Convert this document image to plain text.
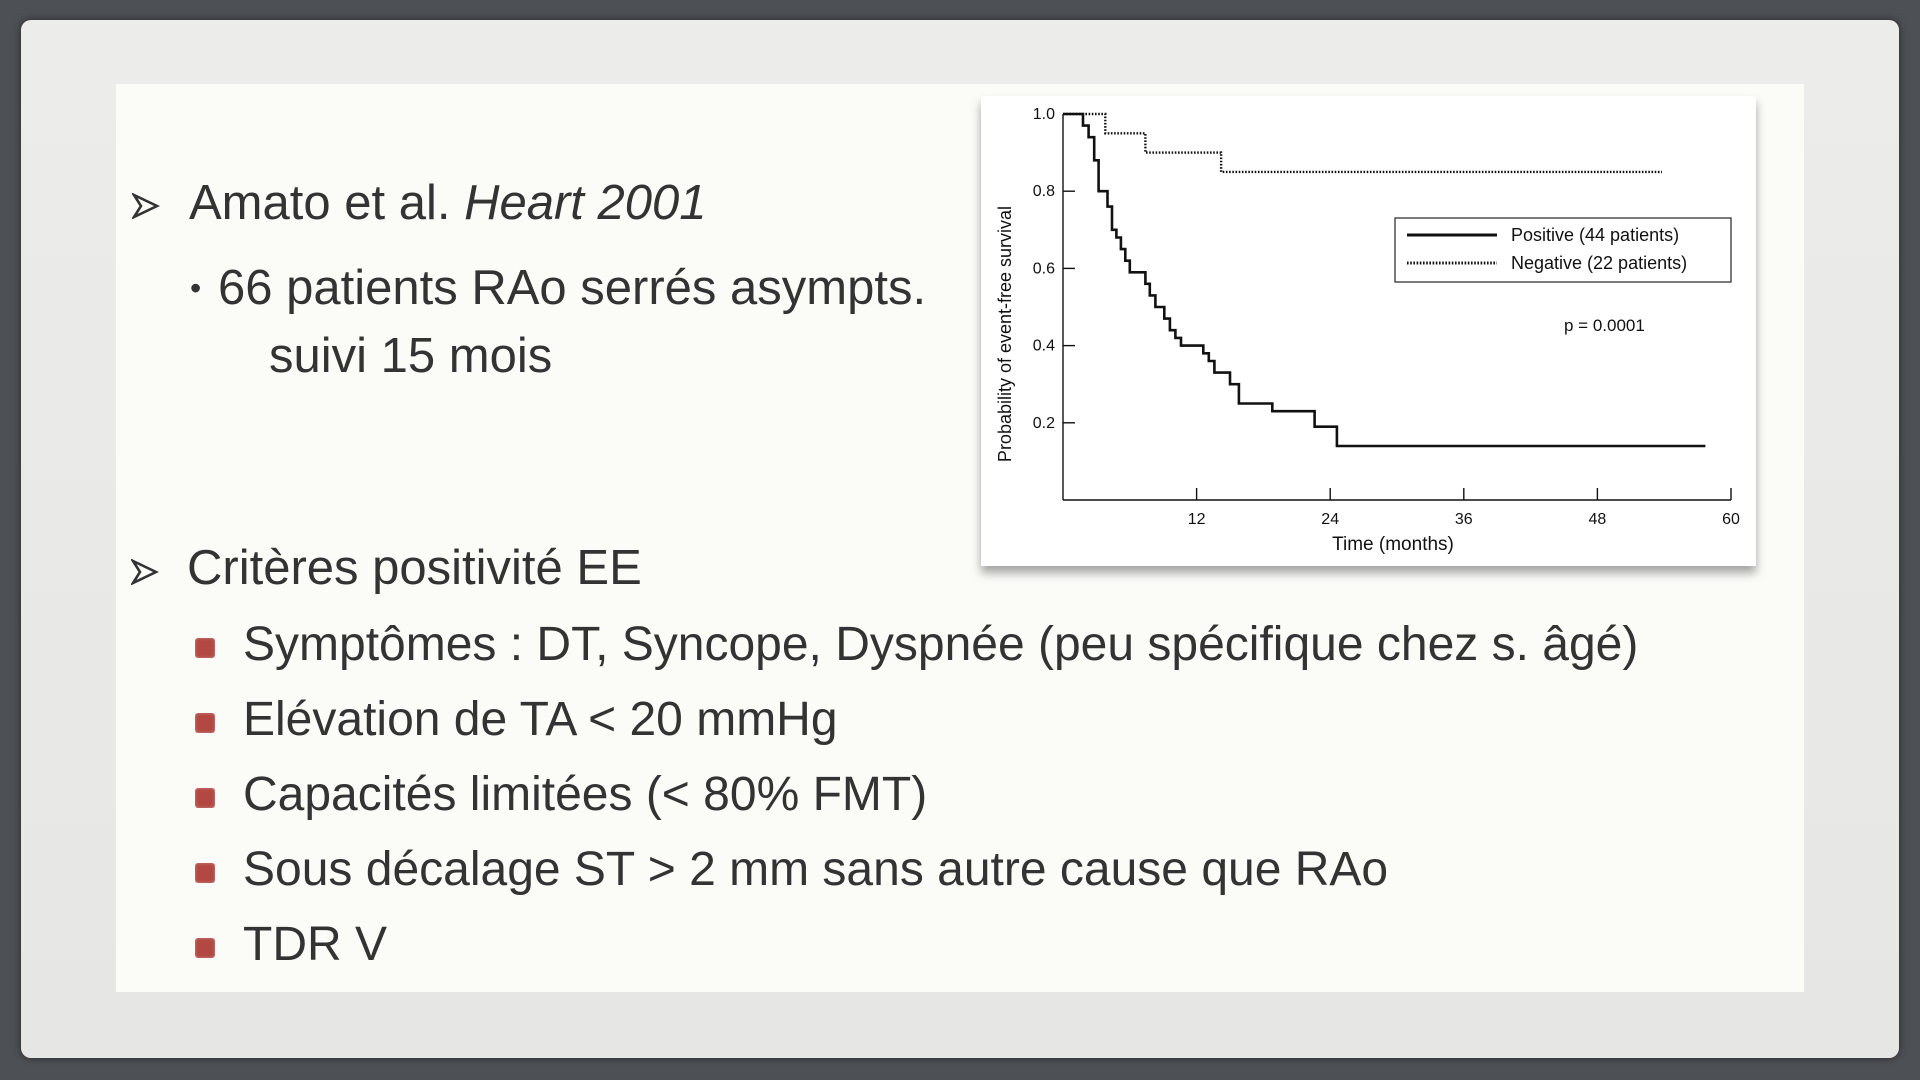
Amato et al. Heart 2001
• 66 patients RAo serrés asympts.
suivi 15 mois
Critères positivité EE
Symptômes : DT, Syncope, Dyspnée (peu spécifique chez s. âgé)
Elévation de TA < 20 mmHg
Capacités limitées (< 80% FMT)
Sous décalage ST > 2 mm sans autre cause que RAo
TDR V
12	24	36	48	60
0.2
0.4
0.6
0.8
1.0
Time (months)
Probability of event-free survival	Positive (44 patients)
Negative (22 patients)
p = 0.0001
